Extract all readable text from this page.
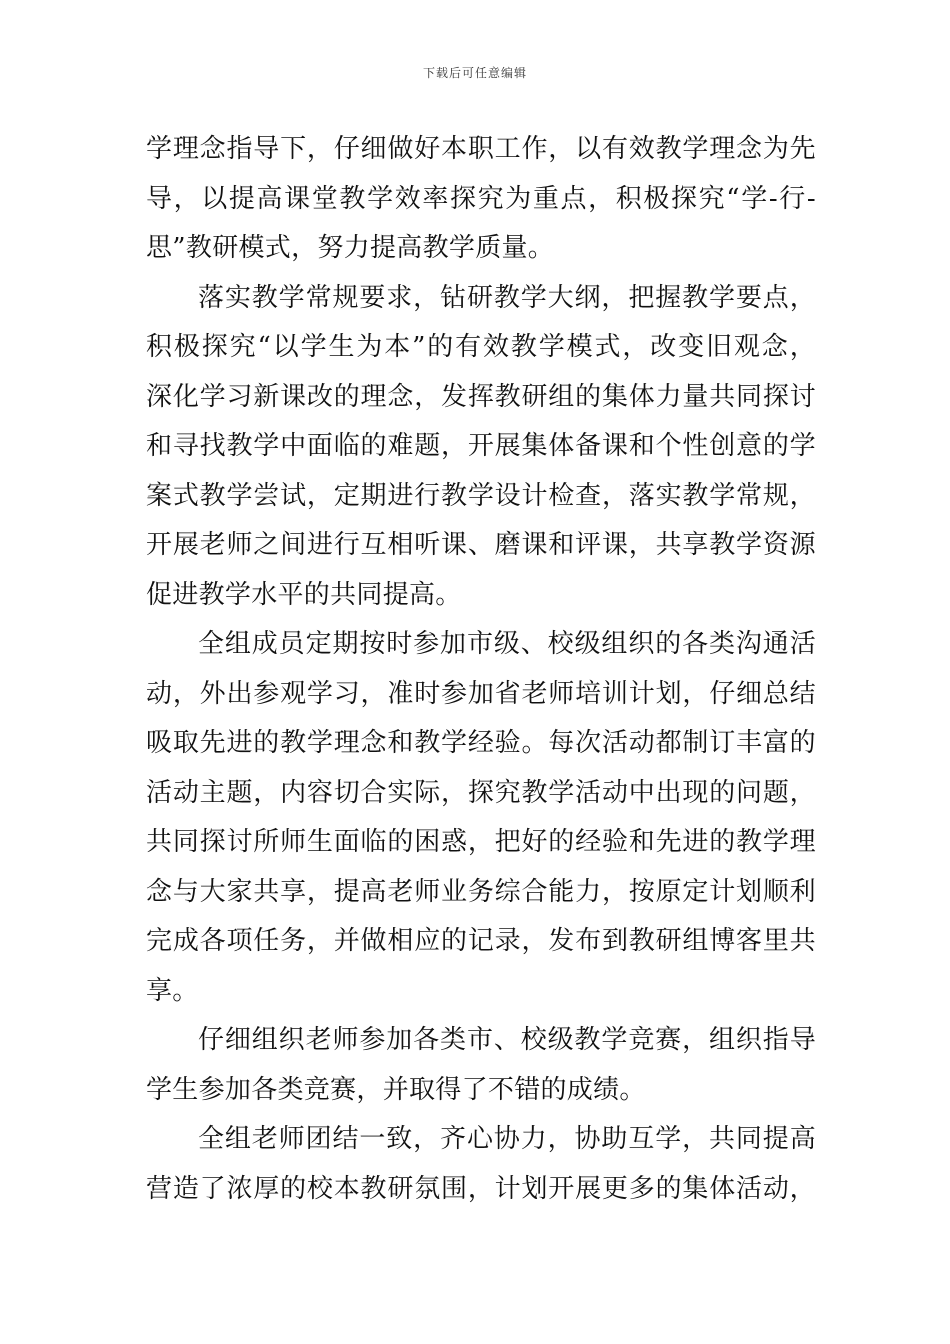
下载后可任意编辑
学理念指导下，仔细做好本职工作，以有效教学理念为先
导，以提高课堂教学效率探究为重点，积极探究“学-行-
思”教研模式，努力提高教学质量。
落实教学常规要求，钻研教学大纲，把握教学要点，
积极探究“以学生为本”的有效教学模式，改变旧观念，
深化学习新课改的理念，发挥教研组的集体力量共同探讨
和寻找教学中面临的难题，开展集体备课和个性创意的学
案式教学尝试，定期进行教学设计检查，落实教学常规，
开展老师之间进行互相听课、磨课和评课，共享教学资源
促进教学水平的共同提高。
全组成员定期按时参加市级、校级组织的各类沟通活
动，外出参观学习，准时参加省老师培训计划，仔细总结
吸取先进的教学理念和教学经验。每次活动都制订丰富的
活动主题，内容切合实际，探究教学活动中出现的问题，
共同探讨所师生面临的困惑，把好的经验和先进的教学理
念与大家共享，提高老师业务综合能力，按原定计划顺利
完成各项任务，并做相应的记录，发布到教研组博客里共
享。
仔细组织老师参加各类市、校级教学竞赛，组织指导
学生参加各类竞赛，并取得了不错的成绩。
全组老师团结一致，齐心协力，协助互学，共同提高
营造了浓厚的校本教研氛围，计划开展更多的集体活动，
